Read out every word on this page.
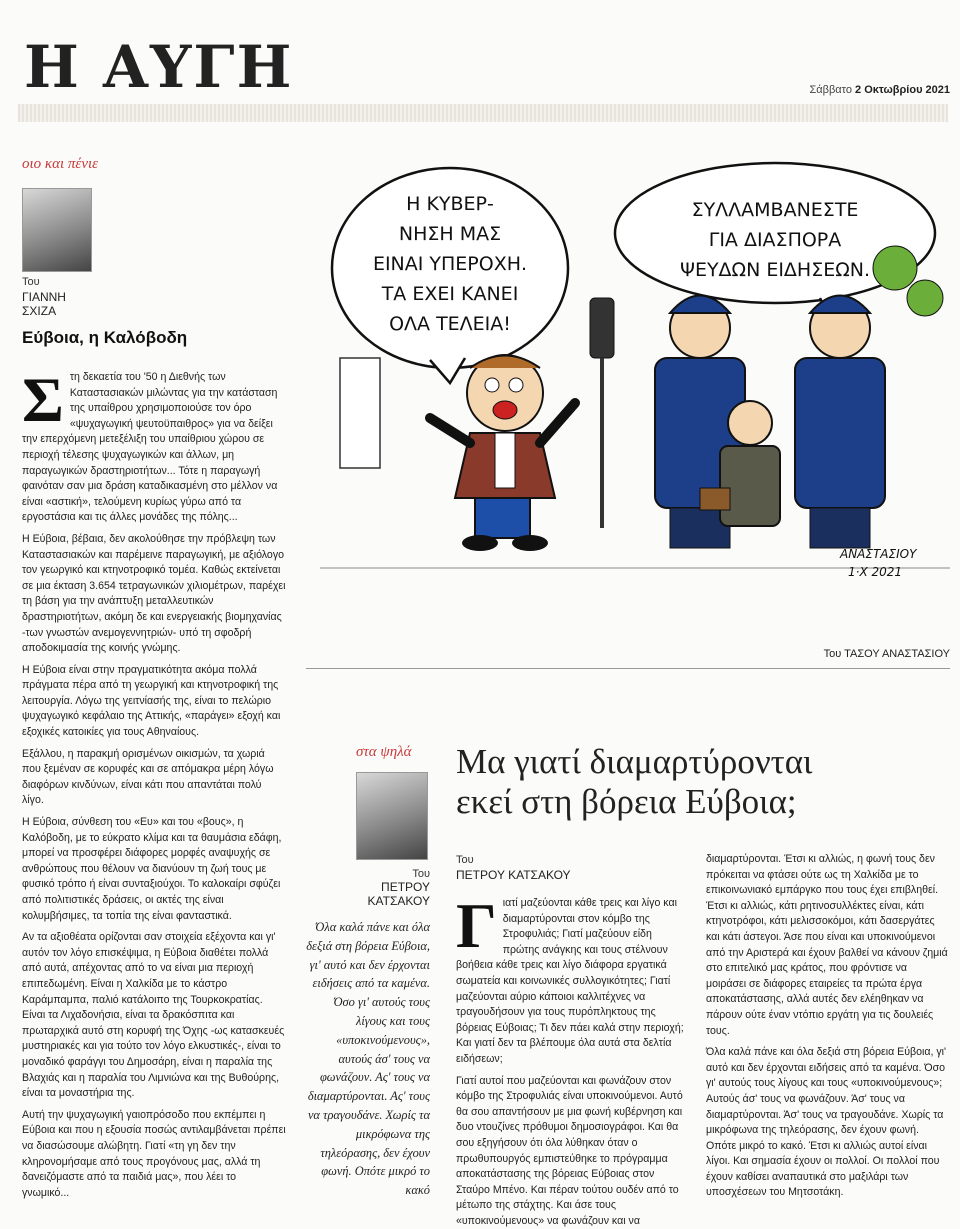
Η ΑΥΓΗ	Σάββατο 2 Οκτωβρίου 2021
οιο και πένιε
Του
ΓΙΑΝΝΗ
ΣΧΙΖΑ
Εύβοια, η Καλόβοδη

Στη δεκαετία του '50 η Διεθνής των Καταστασιακών μιλώντας για την κατάσταση της υπαίθρου χρησιμοποιούσε τον όρο «ψυχαγωγική ψευτοϋπαιθρος» για να δείξει την επερχόμενη μετεξέλιξη του υπαίθριου χώρου σε περιοχή τέλεσης ψυχαγωγικών και άλλων, μη παραγωγικών δραστηριοτήτων... Τότε η παραγωγή φαινόταν σαν μια δράση καταδικασμένη στο μέλλον να είναι «αστική», τελούμενη κυρίως γύρω από τα εργοστάσια και τις άλλες μονάδες της πόλης...

Η Εύβοια, βέβαια, δεν ακολούθησε την πρόβλεψη των Καταστασιακών και παρέμεινε παραγωγική, με αξιόλογο τον γεωργικό και κτηνοτροφικό τομέα. Καθώς εκτείνεται σε μια έκταση 3.654 τετραγωνικών χιλιομέτρων, παρέχει τη βάση για την ανάπτυξη μεταλλευτικών δραστηριοτήτων, ακόμη δε και ενεργειακής βιομηχανίας -των γνωστών ανεμογεννητριών- υπό τη σφοδρή αποδοκιμασία της κοινής γνώμης.

Η Εύβοια είναι στην πραγματικότητα ακόμα πολλά πράγματα πέρα από τη γεωργική και κτηνοτροφική της λειτουργία. Λόγω της γειτνίασής της, είναι το πελώριο ψυχαγωγικό κεφάλαιο της Αττικής, «παράγει» εξοχή και εξοχικές κατοικίες για τους Αθηναίους.

Εξάλλου, η παρακμή ορισμένων οικισμών, τα χωριά που ξεμέναν σε κορυφές και σε απόμακρα μέρη λόγω διαφόρων κινδύνων, είναι κάτι που απαντάται πολύ λίγο.

Η Εύβοια, σύνθεση του «Ευ» και του «βους», η Καλόβοδη, με το εύκρατο κλίμα και τα θαυμάσια εδάφη, μπορεί να προσφέρει διάφορες μορφές αναψυχής σε ανθρώπους που θέλουν να διανύουν τη ζωή τους με φυσικό τρόπο ή είναι συνταξιούχοι. Το καλοκαίρι σφύζει από πολιτιστικές δράσεις, οι ακτές της είναι κολυμβήσιμες, τα τοπία της είναι φανταστικά.

Αν τα αξιοθέατα ορίζονται σαν στοιχεία εξέχοντα και γι' αυτόν τον λόγο επισκέψιμα, η Εύβοια διαθέτει πολλά από αυτά, απέχοντας από το να είναι μια περιοχή επιπεδωμένη. Είναι η Χαλκίδα με το κάστρο Καράμπαμπα, παλιό κατάλοιπο της Τουρκοκρατίας. Είναι τα Λιχαδονήσια, είναι τα δρακόσπιτα και πρωταρχικά αυτό στη κορυφή της Όχης -ως κατασκευές μυστηριακές και για τούτο τον λόγο ελκυστικές-, είναι το μοναδικό φαράγγι του Δημοσάρη, είναι η παραλία της Βλαχιάς και η παραλία του Λιμνιώνα και της Βυθούρης, είναι τα μοναστήρια της.

Αυτή την ψυχαγωγική γαιοπρόσοδο που εκπέμπει η Εύβοια και που η εξουσία ποσώς αντιλαμβάνεται πρέπει να διασώσουμε αλώβητη. Γιατί «τη γη δεν την κληρονομήσαμε από τους προγόνους μας, αλλά τη δανειζόμαστε από τα παιδιά μας», που λέει το γνωμικό...

Η ΚΥΒΕΡ-
ΝΗΣΗ ΜΑΣ
ΕΙΝΑΙ ΥΠΕΡΟΧΗ.
ΤΑ ΕΧΕΙ ΚΑΝΕΙ
ΟΛΑ ΤΕΛΕΙΑ!
ΣΥΛΛΑΜΒΑΝΕΣΤΕ
ΓΙΑ ΔΙΑΣΠΟΡΑ
ΨΕΥΔΩΝ ΕΙΔΗΣΕΩΝ.
ΑΝΑΣΤΑΣΙΟΥ
1·Χ 2021
Του ΤΑΣΟΥ ΑΝΑΣΤΑΣΙΟΥ
στα ψηλά
Του
ΠΕΤΡΟΥ
ΚΑΤΣΑΚΟΥ
Μα γιατί διαμαρτύρονται εκεί στη βόρεια Εύβοια;
Του
ΠΕΤΡΟΥ ΚΑΤΣΑΚΟΥ
Όλα καλά πάνε και όλα δεξιά στη βόρεια Εύβοια, γι' αυτό και δεν έρχονται ειδήσεις από τα καμένα. Όσο γι' αυτούς τους λίγους και τους «υποκινούμενους», αυτούς άσ' τους να φωνάζουν. Ας' τους να διαμαρτύρονται. Ας' τους να τραγουδάνε. Χωρίς τα μικρόφωνα της τηλεόρασης, δεν έχουν φωνή. Οπότε μικρό το κακό

Γιατί μαζεύονται κάθε τρεις και λίγο και διαμαρτύρονται στον κόμβο της Στροφυλιάς; Γιατί μαζεύουν είδη πρώτης ανάγκης και τους στέλνουν βοήθεια κάθε τρεις και λίγο διάφορα εργατικά σωματεία και κοινωνικές συλλογικότητες; Γιατί μαζεύονται αύριο κάποιοι καλλιτέχνες να τραγουδήσουν για τους πυρόπληκτους της βόρειας Εύβοιας; Τι δεν πάει καλά στην περιοχή; Και γιατί δεν τα βλέπουμε όλα αυτά στα δελτία ειδήσεων;

Γιατί αυτοί που μαζεύονται και φωνάζουν στον κόμβο της Στροφυλιάς είναι υποκινούμενοι. Αυτό θα σου απαντήσουν με μια φωνή κυβέρνηση και δυο ντουζίνες πρόθυμοι δημοσιογράφοι. Και θα σου εξηγήσουν ότι όλα λύθηκαν όταν ο πρωθυπουργός εμπιστεύθηκε το πρόγραμμα αποκατάστασης της βόρειας Εύβοιας στον Σταύρο Μπένο. Και πέραν τούτου ουδέν από το μέτωπο της στάχτης. Και άσε τους «υποκινούμενους» να φωνάζουν και να

διαμαρτύρονται. Έτσι κι αλλιώς, η φωνή τους δεν πρόκειται να φτάσει ούτε ως τη Χαλκίδα με το επικοινωνιακό εμπάργκο που τους έχει επιβληθεί. Έτσι κι αλλιώς, κάτι ρητινοσυλλέκτες είναι, κάτι κτηνοτρόφοι, κάτι μελισσοκόμοι, κάτι δασεργάτες και κάτι άστεγοι. Άσε που είναι και υποκινούμενοι από την Αριστερά και έχουν βαλθεί να κάνουν ζημιά στο επιτελικό μας κράτος, που φρόντισε να μοιράσει σε διάφορες εταιρείες τα πρώτα έργα αποκατάστασης, αλλά αυτές δεν ελέηθηκαν να πάρουν ούτε έναν ντόπιο εργάτη για τις δουλειές τους.

Όλα καλά πάνε και όλα δεξιά στη βόρεια Εύβοια, γι' αυτό και δεν έρχονται ειδήσεις από τα καμένα. Όσο γι' αυτούς τους λίγους και τους «υποκινούμενους»; Αυτούς άσ' τους να φωνάζουν. Άσ' τους να διαμαρτύρονται. Άσ' τους να τραγουδάνε. Χωρίς τα μικρόφωνα της τηλεόρασης, δεν έχουν φωνή. Οπότε μικρό το κακό. Έτσι κι αλλιώς αυτοί είναι λίγοι. Και σημασία έχουν οι πολλοί. Οι πολλοί που έχουν καθίσει αναπαυτικά στο μαξιλάρι των υποσχέσεων του Μητσοτάκη.
